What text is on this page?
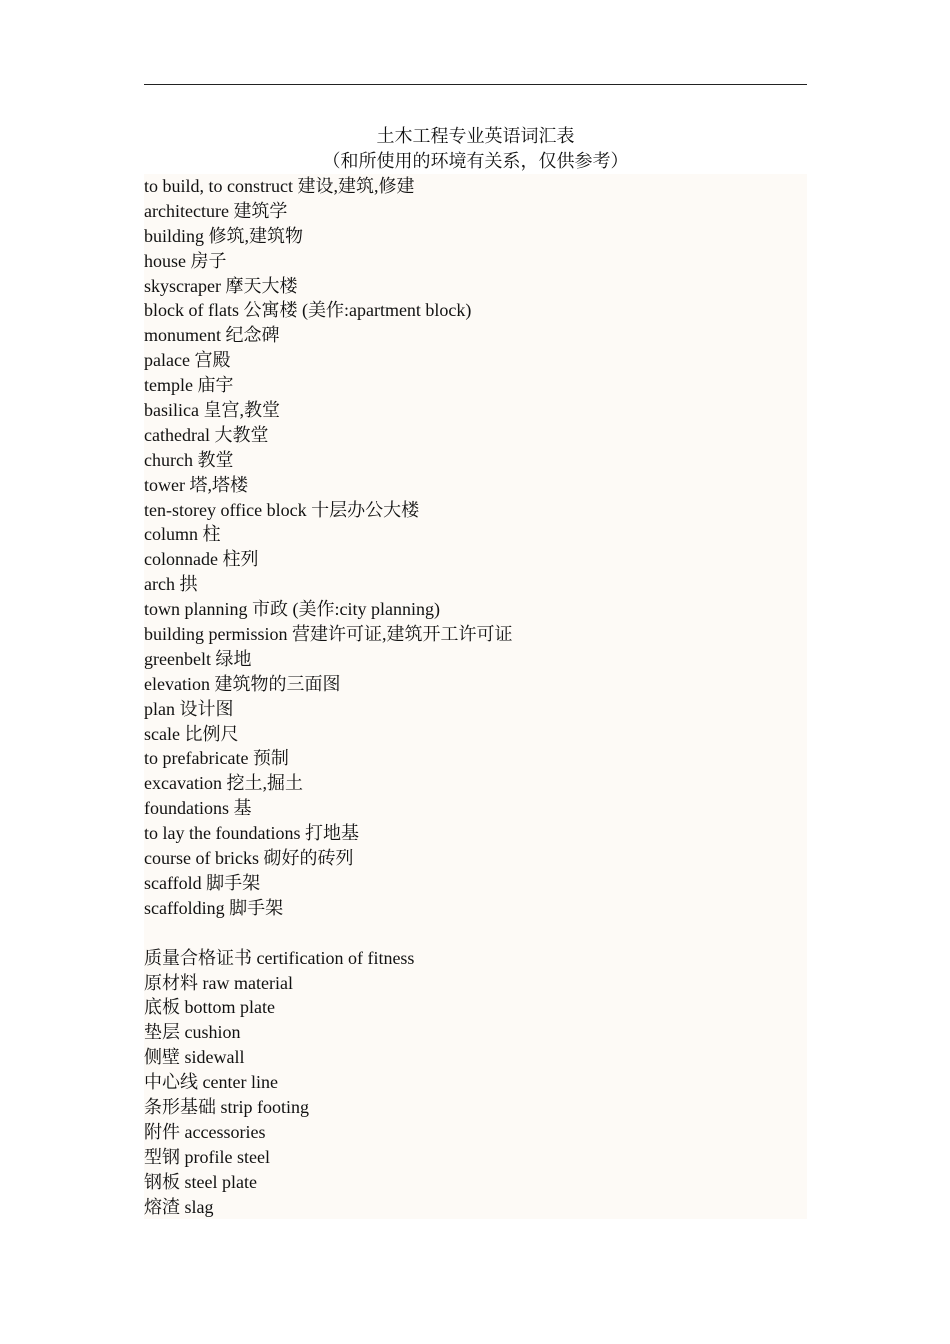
土木工程专业英语词汇表
（和所使用的环境有关系，仅供参考）
to build, to construct 建设,建筑,修建
architecture 建筑学
building 修筑,建筑物
house 房子
skyscraper 摩天大楼
block of flats 公寓楼 (美作:apartment block)
monument 纪念碑
palace 宫殿
temple 庙宇
basilica 皇宫,教堂
cathedral 大教堂
church 教堂
tower 塔,塔楼
ten-storey office block 十层办公大楼
column 柱
colonnade 柱列
arch 拱
town planning 市政 (美作:city planning)
building permission 营建许可证,建筑开工许可证
greenbelt 绿地
elevation 建筑物的三面图
plan 设计图
scale 比例尺
to prefabricate 预制
excavation 挖土,掘土
foundations 基
to lay the foundations 打地基
course of bricks 砌好的砖列
scaffold 脚手架
scaffolding 脚手架
质量合格证书 certification of fitness
原材料 raw material
底板 bottom plate
垫层 cushion
侧壁 sidewall
中心线 center line
条形基础 strip footing
附件 accessories
型钢 profile steel
钢板 steel plate
熔渣 slag
